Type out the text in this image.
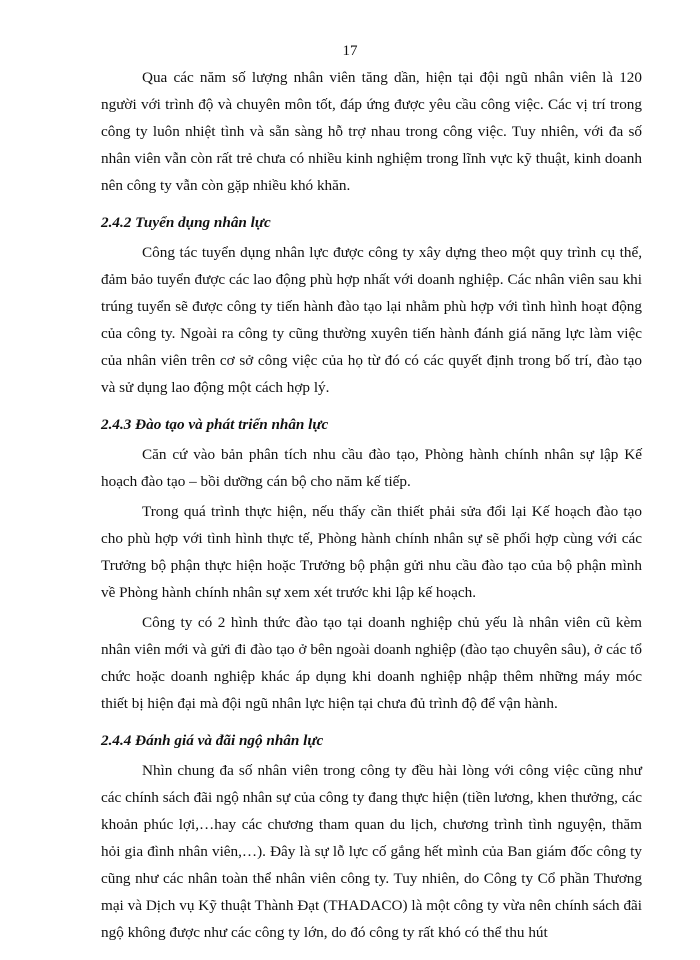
17

Qua các năm số lượng nhân viên tăng dần, hiện tại đội ngũ nhân viên là 120 người với trình độ và chuyên môn tốt, đáp ứng được yêu cầu công việc. Các vị trí trong công ty luôn nhiệt tình và sẵn sàng hỗ trợ nhau trong công việc. Tuy nhiên, với đa số nhân viên vẫn còn rất trẻ chưa có nhiều kinh nghiệm trong lĩnh vực kỹ thuật, kinh doanh nên công ty vẫn còn gặp nhiều khó khăn.

2.4.2 Tuyển dụng nhân lực

Công tác tuyển dụng nhân lực được công ty xây dựng theo một quy trình cụ thể, đảm bảo tuyển được các lao động phù hợp nhất với doanh nghiệp. Các nhân viên sau khi trúng tuyển sẽ được công ty tiến hành đào tạo lại nhằm phù hợp với tình hình hoạt động của công ty. Ngoài ra công ty cũng thường xuyên tiến hành đánh giá năng lực làm việc của nhân viên trên cơ sở công việc của họ từ đó có các quyết định trong bố trí, đào tạo và sử dụng lao động một cách hợp lý.

2.4.3 Đào tạo và phát triển nhân lực

Căn cứ vào bản phân tích nhu cầu đào tạo, Phòng hành chính nhân sự lập Kế hoạch đào tạo – bồi dưỡng cán bộ cho năm kế tiếp.

Trong quá trình thực hiện, nếu thấy cần thiết phải sửa đổi lại Kế hoạch đào tạo cho phù hợp với tình hình thực tế, Phòng hành chính nhân sự sẽ phối hợp cùng với các Trưởng bộ phận thực hiện hoặc Trưởng bộ phận gửi nhu cầu đào tạo của bộ phận mình về Phòng hành chính nhân sự xem xét trước khi lập kế hoạch.

Công ty có 2 hình thức đào tạo tại doanh nghiệp chủ yếu là nhân viên cũ kèm nhân viên mới và gửi đi đào tạo ở bên ngoài doanh nghiệp (đào tạo chuyên sâu), ở các tổ chức hoặc doanh nghiệp khác áp dụng khi doanh nghiệp nhập thêm những máy móc thiết bị hiện đại mà đội ngũ nhân lực hiện tại chưa đủ trình độ để vận hành.

2.4.4 Đánh giá và đãi ngộ nhân lực

Nhìn chung đa số nhân viên trong công ty đều hài lòng với công việc cũng như các chính sách đãi ngộ nhân sự của công ty đang thực hiện (tiền lương, khen thưởng, các khoản phúc lợi,…hay các chương tham quan du lịch, chương trình tình nguyện, thăm hỏi gia đình nhân viên,…). Đây là sự lỗ lực cố gắng hết mình của Ban giám đốc công ty cũng như các nhân toàn thể nhân viên công ty. Tuy nhiên, do Công ty Cổ phần Thương mại và Dịch vụ Kỹ thuật Thành Đạt (THADACO) là một công ty vừa nên chính sách đãi ngộ không được như các công ty lớn, do đó công ty rất khó có thể thu hút
